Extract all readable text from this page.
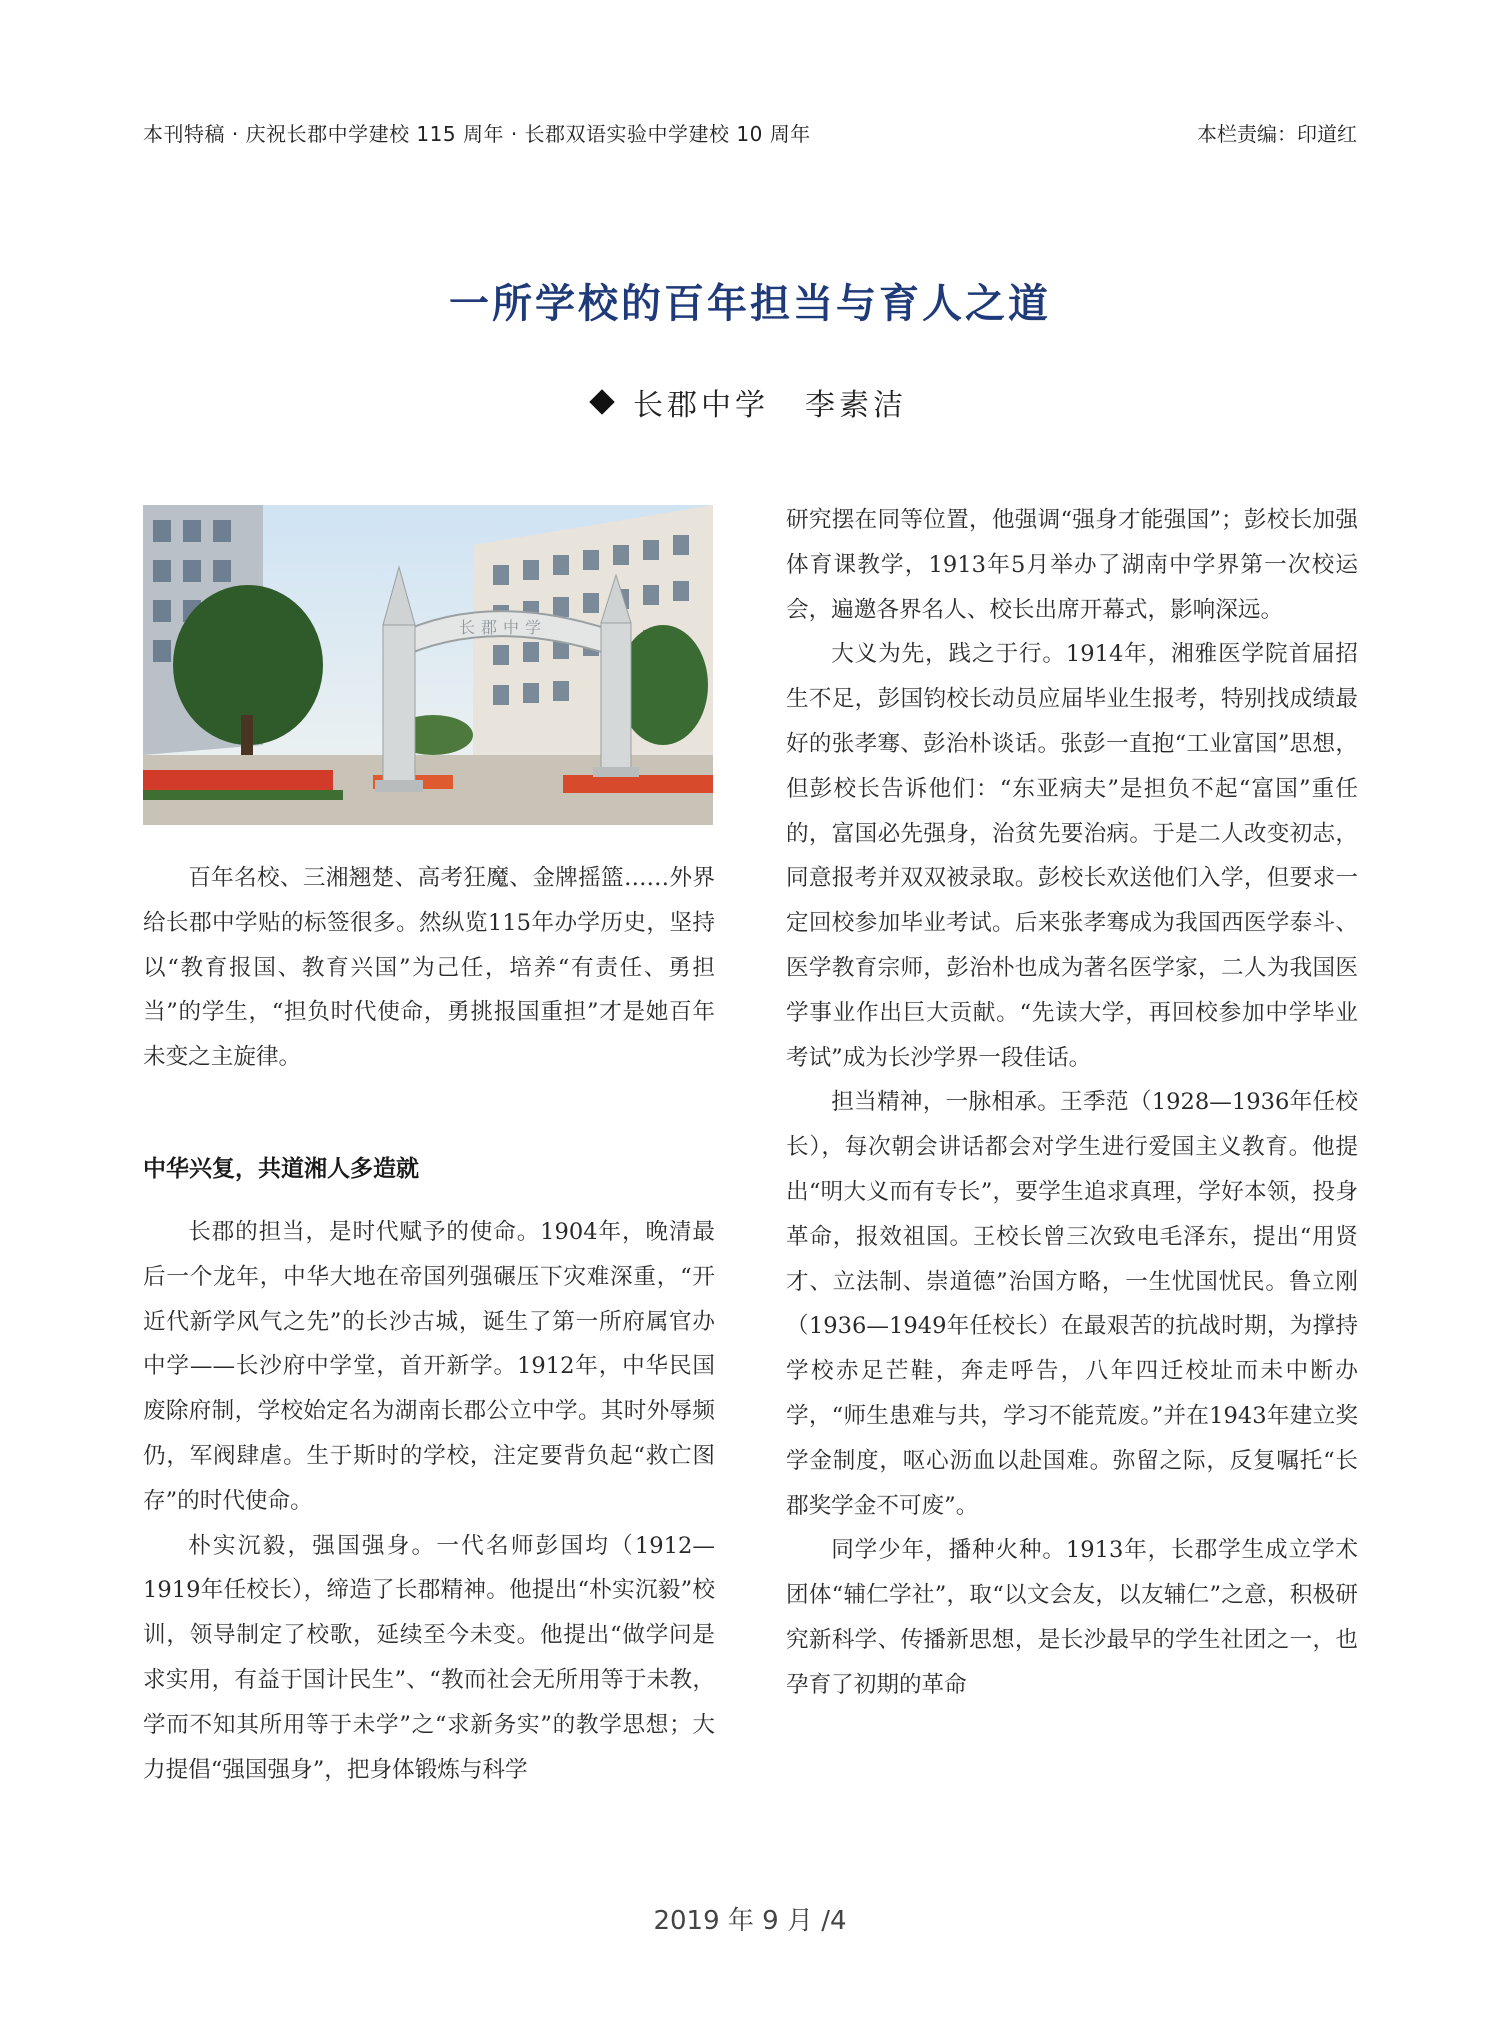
本刊特稿 · 庆祝长郡中学建校 115 周年 · 长郡双语实验中学建校 10 周年	本栏责编：印道红
一所学校的百年担当与育人之道
长郡中学 李素洁
长郡中学

百年名校、三湘翘楚、高考狂魔、金牌摇篮……外界给长郡中学贴的标签很多。然纵览115年办学历史，坚持以“教育报国、教育兴国”为己任，培养“有责任、勇担当”的学生，“担负时代使命，勇挑报国重担”才是她百年未变之主旋律。

中华兴复，共道湘人多造就

长郡的担当，是时代赋予的使命。1904年，晚清最后一个龙年，中华大地在帝国列强碾压下灾难深重，“开近代新学风气之先”的长沙古城，诞生了第一所府属官办中学——长沙府中学堂，首开新学。1912年，中华民国废除府制，学校始定名为湖南长郡公立中学。其时外辱频仍，军阀肆虐。生于斯时的学校，注定要背负起“救亡图存”的时代使命。

朴实沉毅，强国强身。一代名师彭国均（1912—1919年任校长），缔造了长郡精神。他提出“朴实沉毅”校训，领导制定了校歌，延续至今未变。他提出“做学问是求实用，有益于国计民生”、“教而社会无所用等于未教，学而不知其所用等于未学”之“求新务实”的教学思想；大力提倡“强国强身”，把身体锻炼与科学

研究摆在同等位置，他强调“强身才能强国”；彭校长加强体育课教学，1913年5月举办了湖南中学界第一次校运会，遍邀各界名人、校长出席开幕式，影响深远。

大义为先，践之于行。1914年，湘雅医学院首届招生不足，彭国钧校长动员应届毕业生报考，特别找成绩最好的张孝骞、彭治朴谈话。张彭一直抱“工业富国”思想，但彭校长告诉他们：“东亚病夫”是担负不起“富国”重任的，富国必先强身，治贫先要治病。于是二人改变初志，同意报考并双双被录取。彭校长欢送他们入学，但要求一定回校参加毕业考试。后来张孝骞成为我国西医学泰斗、医学教育宗师，彭治朴也成为著名医学家，二人为我国医学事业作出巨大贡献。“先读大学，再回校参加中学毕业考试”成为长沙学界一段佳话。

担当精神，一脉相承。王季范（1928—1936年任校长），每次朝会讲话都会对学生进行爱国主义教育。他提出“明大义而有专长”，要学生追求真理，学好本领，投身革命，报效祖国。王校长曾三次致电毛泽东，提出“用贤才、立法制、崇道德”治国方略，一生忧国忧民。鲁立刚（1936—1949年任校长）在最艰苦的抗战时期，为撑持学校赤足芒鞋，奔走呼告，八年四迁校址而未中断办学，“师生患难与共，学习不能荒废。”并在1943年建立奖学金制度，呕心沥血以赴国难。弥留之际，反复嘱托“长郡奖学金不可废”。

同学少年，播种火种。1913年，长郡学生成立学术团体“辅仁学社”，取“以文会友，以友辅仁”之意，积极研究新科学、传播新思想，是长沙最早的学生社团之一，也孕育了初期的革命

2019 年 9 月 /4
